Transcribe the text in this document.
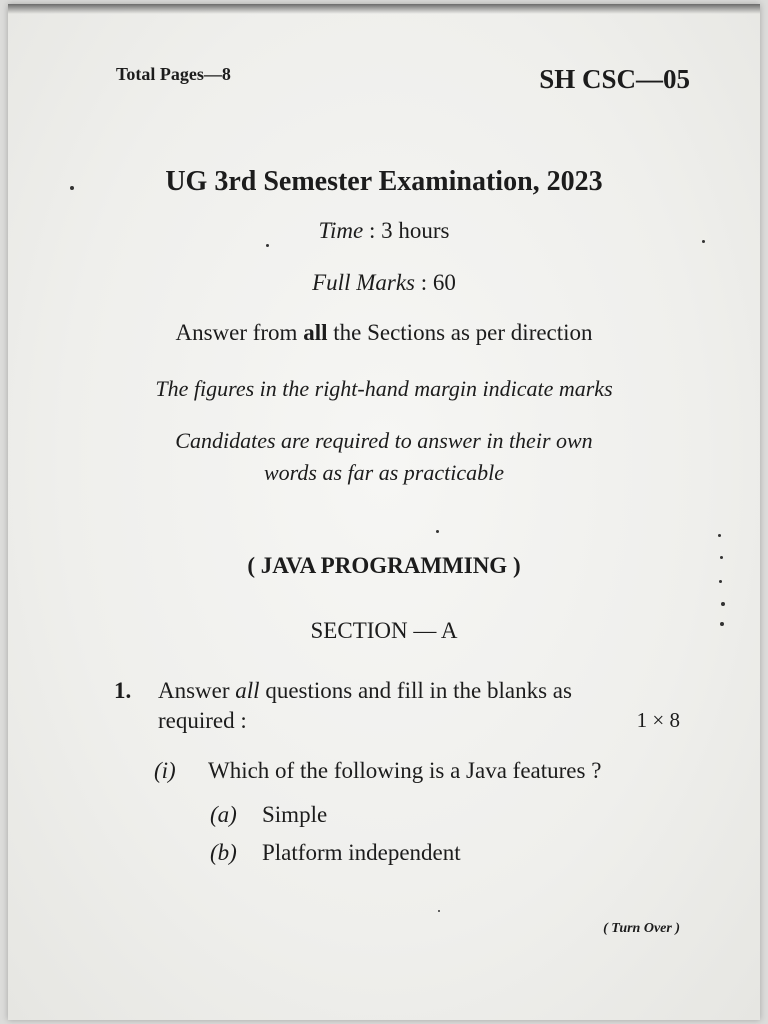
Total Pages—8	SH CSC—05
UG 3rd Semester Examination, 2023
Time : 3 hours
Full Marks : 60
Answer from all the Sections as per direction
The figures in the right-hand margin indicate marks
Candidates are required to answer in their own
words as far as practicable
( JAVA PROGRAMMING )
SECTION — A
1. Answer all questions and fill in the blanks as
required :	1 × 8
(i) Which of the following is a Java features ?
(a) Simple
(b) Platform independent
( Turn Over )
